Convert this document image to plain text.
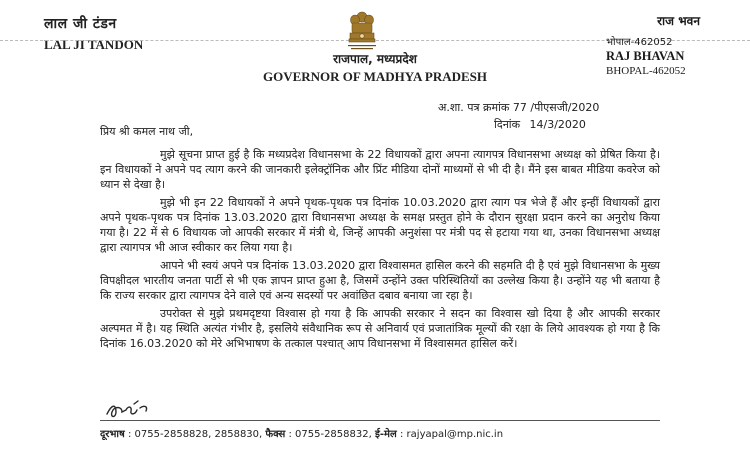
लाल जी टंडन
LAL JI TANDON
राजपाल, मध्यप्रदेश
GOVERNOR OF MADHYA PRADESH
राज भवन
भोपाल-462052
RAJ BHAVAN
BHOPAL-462052
अ.शा. पत्र क्रमांक 77 /पीएसजी/2020
दिनांक 14/3/2020
प्रिय श्री कमल नाथ जी,

मुझे सूचना प्राप्त हुई है कि मध्यप्रदेश विधानसभा के 22 विधायकों द्वारा अपना त्यागपत्र विधानसभा अध्यक्ष को प्रेषित किया है। इन विधायकों ने अपने पद त्याग करने की जानकारी इलेक्ट्रॉनिक और प्रिंट मीडिया दोनों माध्यमों से भी दी है। मैंने इस बाबत मीडिया कवरेज को ध्यान से देखा है।

मुझे भी इन 22 विधायकों ने अपने पृथक-पृथक पत्र दिनांक 10.03.2020 द्वारा त्याग पत्र भेजे हैं और इन्हीं विधायकों द्वारा अपने पृथक-पृथक पत्र दिनांक 13.03.2020 द्वारा विधानसभा अध्यक्ष के समक्ष प्रस्तुत होने के दौरान सुरक्षा प्रदान करने का अनुरोध किया गया है। 22 में से 6 विधायक जो आपकी सरकार में मंत्री थे, जिन्हें आपकी अनुशंसा पर मंत्री पद से हटाया गया था, उनका विधानसभा अध्यक्ष द्वारा त्यागपत्र भी आज स्वीकार कर लिया गया है।

आपने भी स्वयं अपने पत्र दिनांक 13.03.2020 द्वारा विश्वासमत हासिल करने की सहमति दी है एवं मुझे विधानसभा के मुख्य विपक्षीदल भारतीय जनता पार्टी से भी एक ज्ञापन प्राप्त हुआ है, जिसमें उन्होंने उक्त परिस्थितियों का उल्लेख किया है। उन्होंने यह भी बताया है कि राज्य सरकार द्वारा त्यागपत्र देने वाले एवं अन्य सदस्यों पर अवांछित दबाव बनाया जा रहा है।

उपरोक्त से मुझे प्रथमदृष्टया विश्वास हो गया है कि आपकी सरकार ने सदन का विश्वास खो दिया है और आपकी सरकार अल्पमत में है। यह स्थिति अत्यंत गंभीर है, इसलिये संवैधानिक रूप से अनिवार्य एवं प्रजातांत्रिक मूल्यों की रक्षा के लिये आवश्यक हो गया है कि दिनांक 16.03.2020 को मेरे अभिभाषण के तत्काल पश्चात् आप विधानसभा में विश्वासमत हासिल करें।

दूरभाष : 0755-2858828, 2858830, फैक्स : 0755-2858832, ई-मेल : rajyapal@mp.nic.in
